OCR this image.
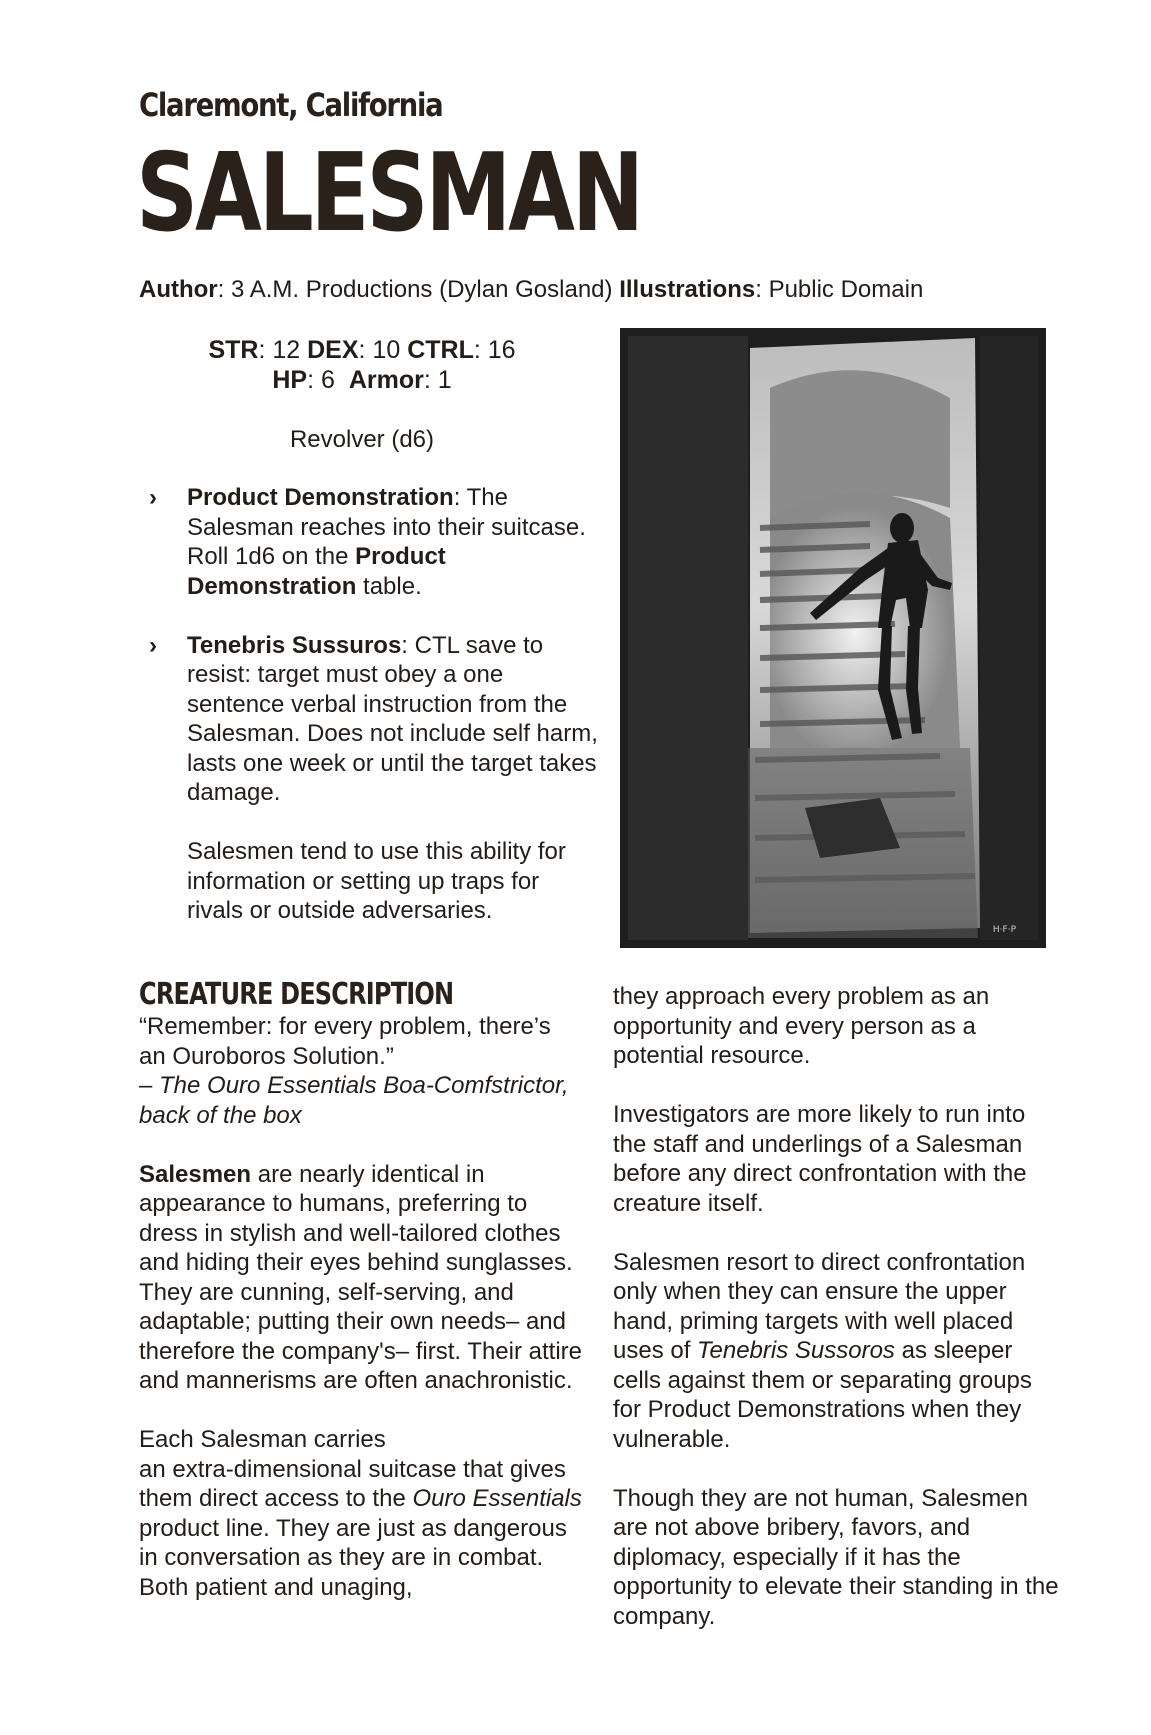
Claremont, California
SALESMAN
Author: 3 A.M. Productions (Dylan Gosland) Illustrations: Public Domain
STR: 12 DEX: 10 CTRL: 16
HP: 6 Armor: 1
Revolver (d6)
› Product Demonstration: The Salesman reaches into their suitcase. Roll 1d6 on the Product Demonstration table.

› Tenebris Sussuros: CTL save to resist: target must obey a one sentence verbal instruction from the Salesman. Does not include self harm, lasts one week or until the target takes damage.

Salesmen tend to use this ability for information or setting up traps for rivals or outside adversaries.

H·F·P
CREATURE DESCRIPTION

“Remember: for every problem, there’s an Ouroboros Solution.”

– The Ouro Essentials Boa-Comfstrictor, back of the box

Salesmen are nearly identical in appearance to humans, preferring to dress in stylish and well-tailored clothes and hiding their eyes behind sunglasses. They are cunning, self-serving, and adaptable; putting their own needs– and therefore the company's– first. Their attire and mannerisms are often anachronistic.

Each Salesman carries
an extra-dimensional suitcase that gives them direct access to the Ouro Essentials product line. They are just as dangerous in conversation as they are in combat. Both patient and unaging,

they approach every problem as an opportunity and every person as a potential resource.

Investigators are more likely to run into the staff and underlings of a Salesman before any direct confrontation with the creature itself.

Salesmen resort to direct confrontation only when they can ensure the upper hand, priming targets with well placed uses of Tenebris Sussoros as sleeper cells against them or separating groups for Product Demonstrations when they vulnerable.

Though they are not human, Salesmen are not above bribery, favors, and diplomacy, especially if it has the opportunity to elevate their standing in the company.
